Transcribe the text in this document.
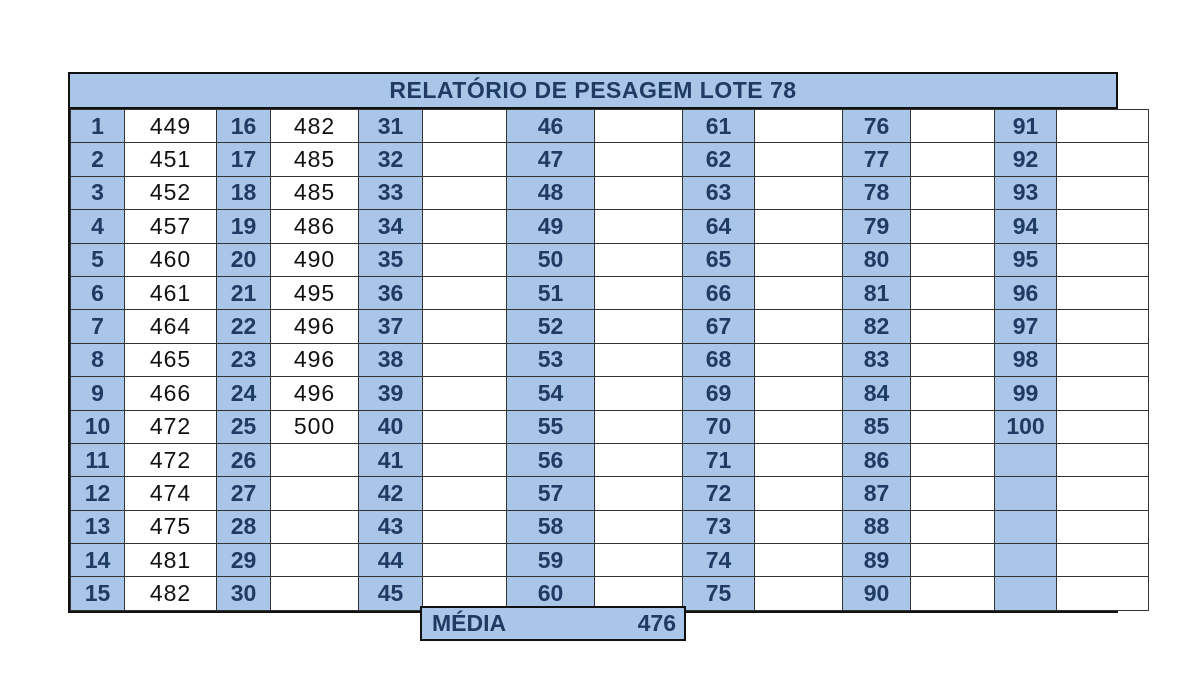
RELATÓRIO DE PESAGEM LOTE 78
1	449	16	482	31		46		61		76		91	
2	451	17	485	32		47		62		77		92	
3	452	18	485	33		48		63		78		93	
4	457	19	486	34		49		64		79		94	
5	460	20	490	35		50		65		80		95	
6	461	21	495	36		51		66		81		96	
7	464	22	496	37		52		67		82		97	
8	465	23	496	38		53		68		83		98	
9	466	24	496	39		54		69		84		99	
10	472	25	500	40		55		70		85		100	
11	472	26		41		56		71		86			
12	474	27		42		57		72		87			
13	475	28		43		58		73		88			
14	481	29		44		59		74		89			
15	482	30		45		60		75		90			
MÉDIA	476
